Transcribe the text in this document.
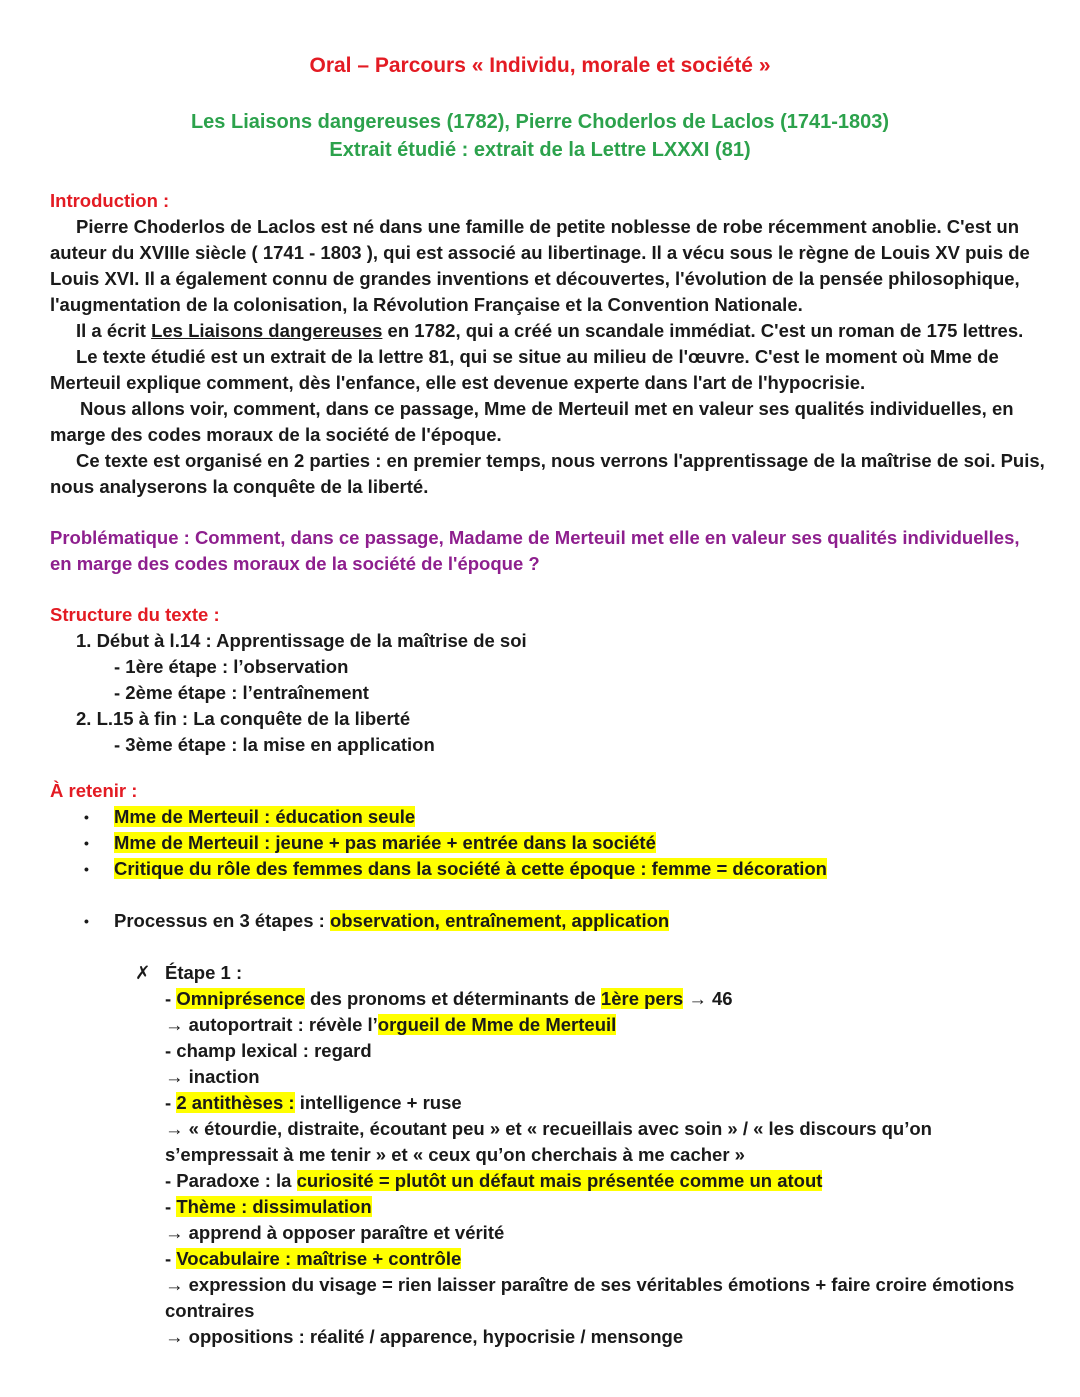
Oral – Parcours « Individu, morale et société »
Les Liaisons dangereuses (1782), Pierre Choderlos de Laclos (1741-1803)
Extrait étudié : extrait de la Lettre LXXXI (81)
Introduction :
Pierre Choderlos de Laclos est né dans une famille de petite noblesse de robe récemment anoblie. C'est un
auteur du XVIIIe siècle ( 1741 - 1803 ), qui est associé au libertinage. Il a vécu sous le règne de Louis XV puis de
Louis XVI. Il a également connu de grandes inventions et découvertes, l'évolution de la pensée philosophique,
l'augmentation de la colonisation, la Révolution Française et la Convention Nationale.
Il a écrit Les Liaisons dangereuses en 1782, qui a créé un scandale immédiat. C'est un roman de 175 lettres.
Le texte étudié est un extrait de la lettre 81, qui se situe au milieu de l'œuvre. C'est le moment où Mme de
Merteuil explique comment, dès l'enfance, elle est devenue experte dans l'art de l'hypocrisie.
Nous allons voir, comment, dans ce passage, Mme de Merteuil met en valeur ses qualités individuelles, en
marge des codes moraux de la société de l'époque.
Ce texte est organisé en 2 parties : en premier temps, nous verrons l'apprentissage de la maîtrise de soi. Puis,
nous analyserons la conquête de la liberté.
Problématique : Comment, dans ce passage, Madame de Merteuil met elle en valeur ses qualités individuelles,
en marge des codes moraux de la société de l'époque ?
Structure du texte :
1. Début à l.14 : Apprentissage de la maîtrise de soi
- 1ère étape : l’observation
- 2ème étape : l’entraînement
2. L.15 à fin : La conquête de la liberté
- 3ème étape : la mise en application
À retenir :
• Mme de Merteuil : éducation seule
• Mme de Merteuil : jeune + pas mariée + entrée dans la société
• Critique du rôle des femmes dans la société à cette époque : femme = décoration
• Processus en 3 étapes : observation, entraînement, application
✗ Étape 1 :
- Omniprésence des pronoms et déterminants de 1ère pers → 46
→ autoportrait : révèle l’orgueil de Mme de Merteuil
- champ lexical : regard
→ inaction
- 2 antithèses : intelligence + ruse
→ « étourdie, distraite, écoutant peu » et « recueillais avec soin » / « les discours qu’on
s’empressait à me tenir » et « ceux qu’on cherchais à me cacher »
- Paradoxe : la curiosité = plutôt un défaut mais présentée comme un atout
- Thème : dissimulation
→ apprend à opposer paraître et vérité
- Vocabulaire : maîtrise + contrôle
→ expression du visage = rien laisser paraître de ses véritables émotions + faire croire émotions
contraires
→ oppositions : réalité / apparence, hypocrisie / mensonge
